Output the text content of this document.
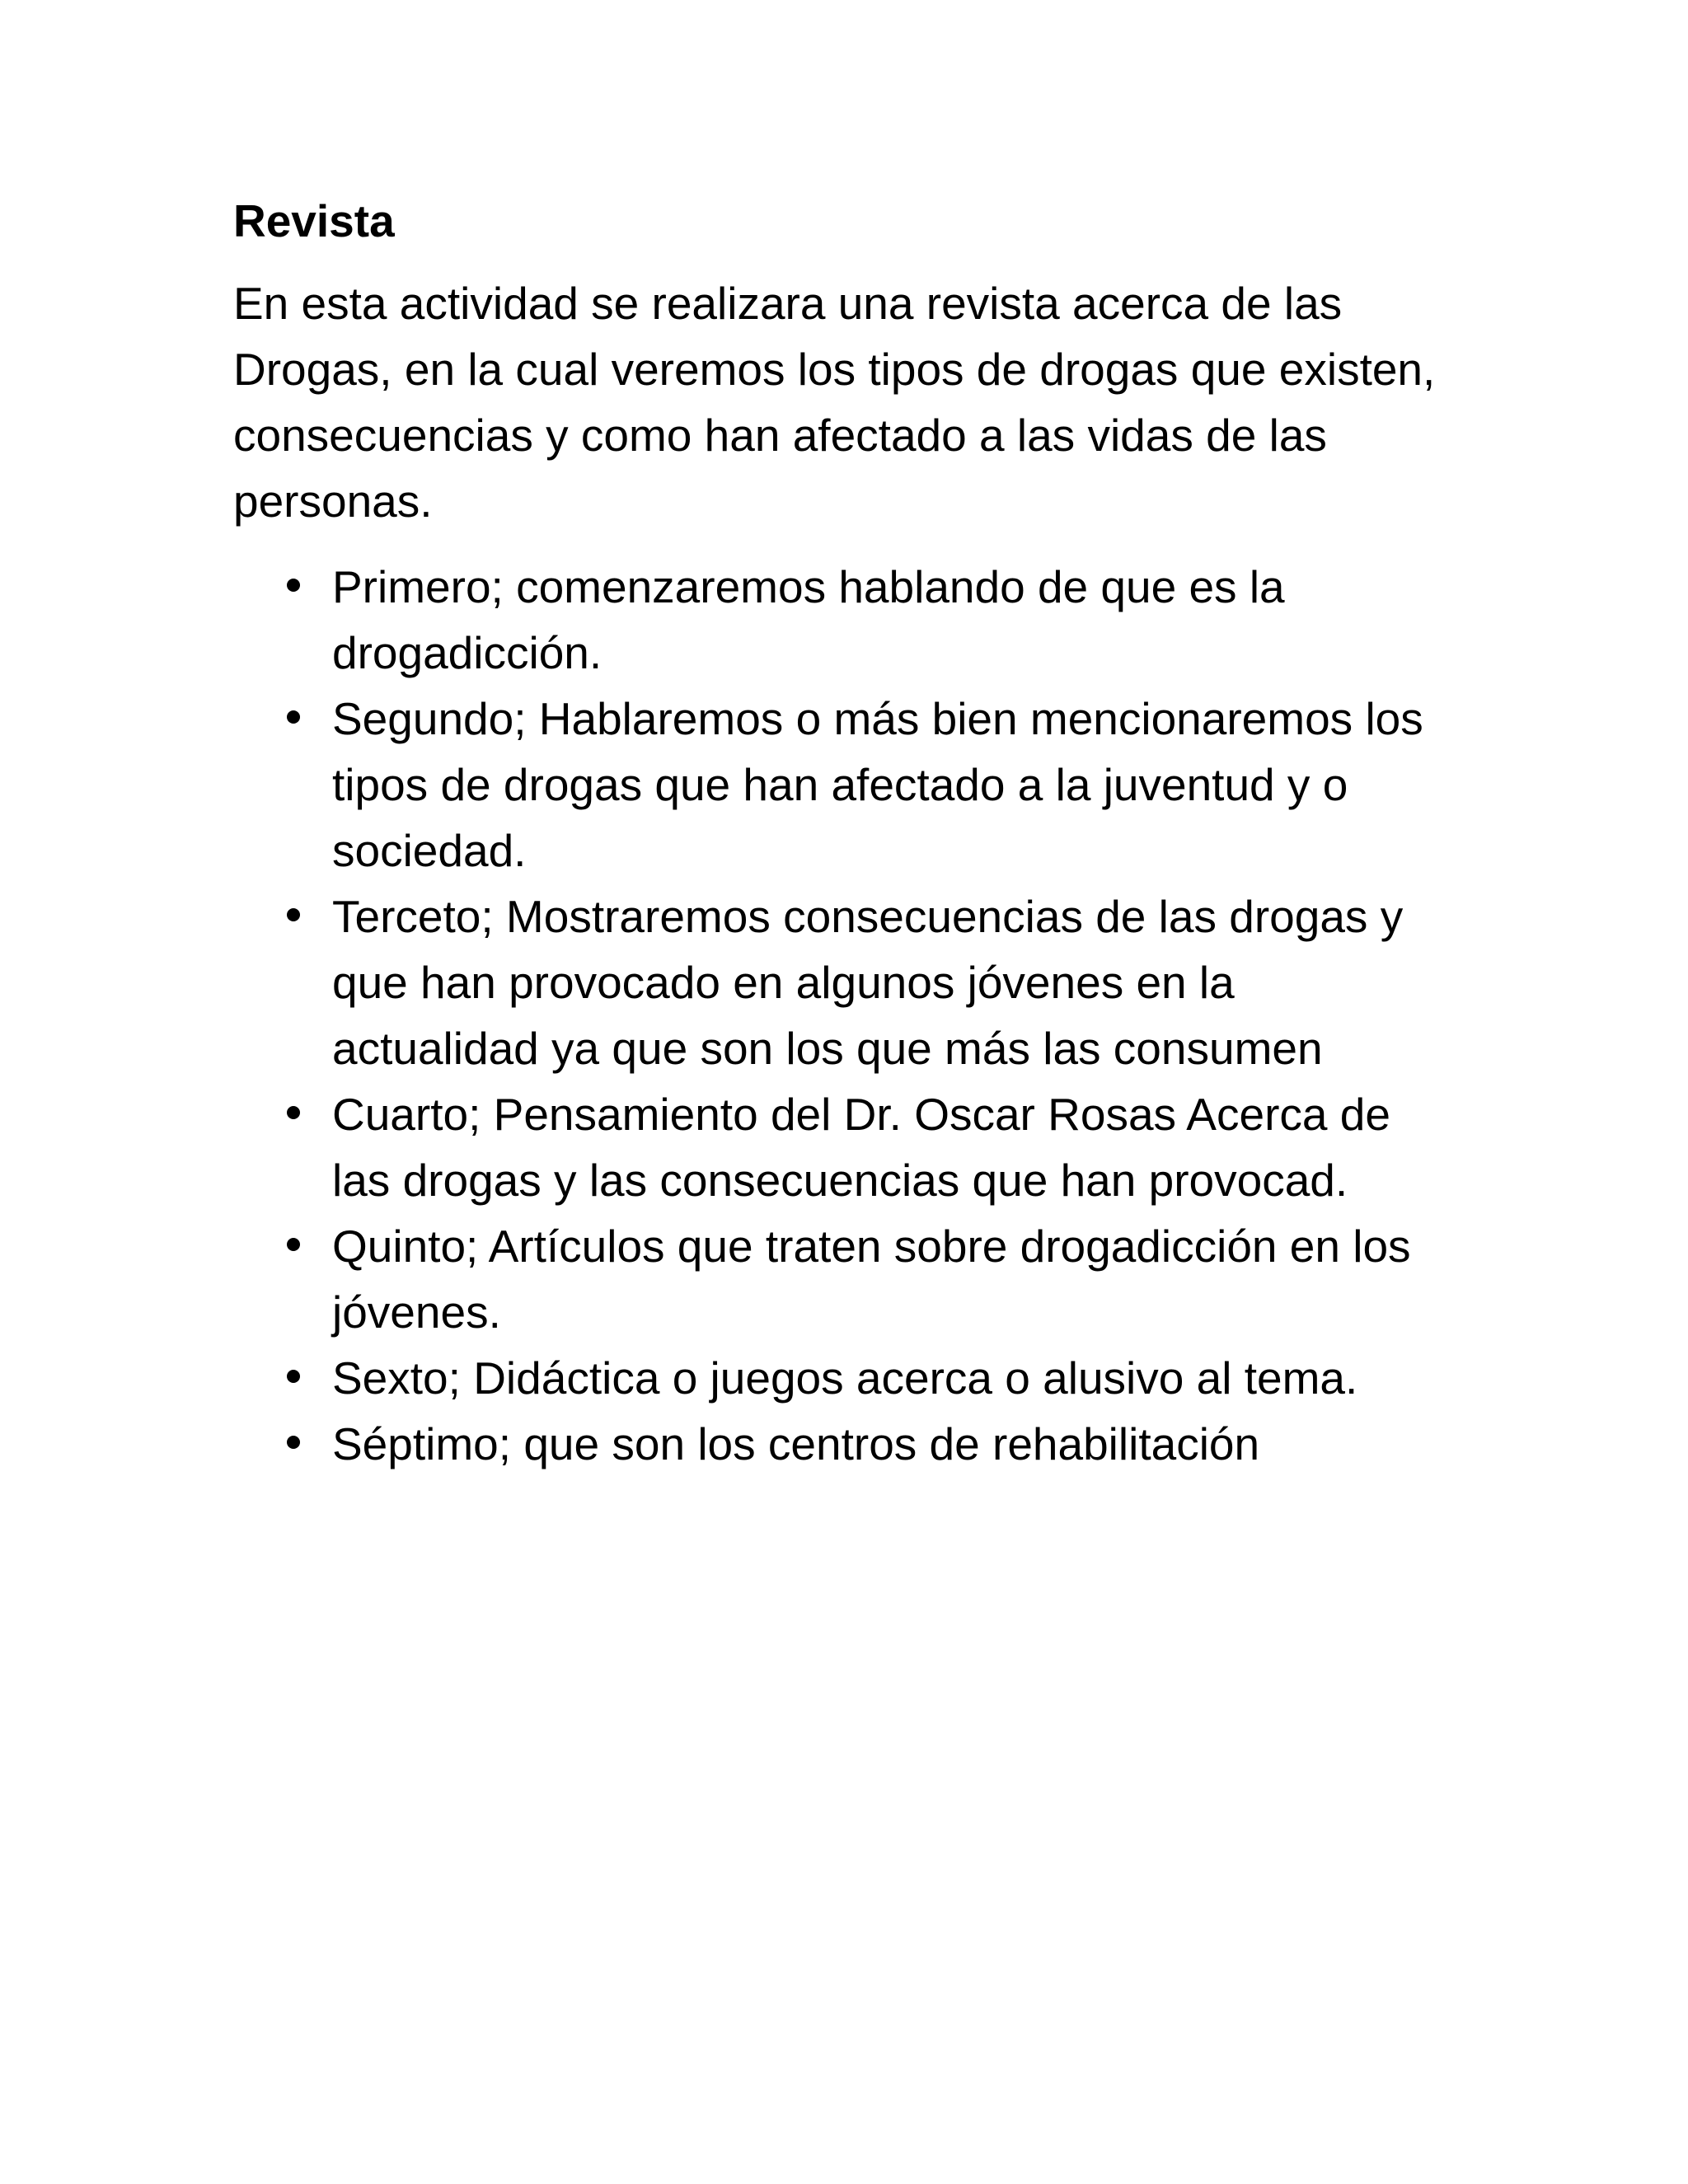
Revista

En esta actividad se realizara una revista acerca de las Drogas, en la cual veremos los tipos de drogas que existen, consecuencias y como han afectado a las vidas de las personas.

Primero; comenzaremos hablando de que es la drogadicción.
Segundo; Hablaremos o más bien mencionaremos los tipos de drogas que han afectado a la juventud y o sociedad.
Terceto; Mostraremos consecuencias de las drogas y que han provocado en algunos jóvenes en la actualidad ya que son los que más las consumen
Cuarto; Pensamiento del Dr. Oscar Rosas Acerca de las drogas y las consecuencias que han provocad.
Quinto; Artículos que traten sobre drogadicción en los jóvenes.
Sexto; Didáctica o juegos acerca o alusivo al tema.
Séptimo; que son los centros de rehabilitación
